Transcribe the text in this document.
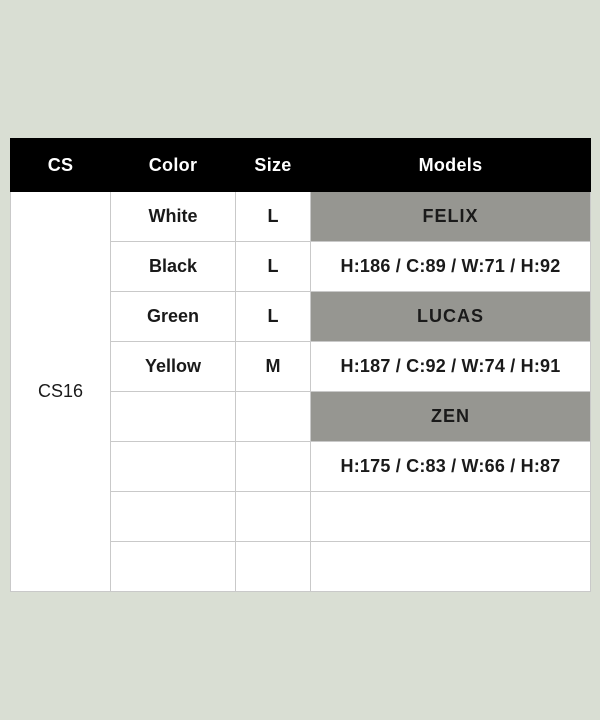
CS	Color	Size	Models
CS16	White	L	FELIX
	Black	L	H:186 / C:89 / W:71 / H:92
	Green	L	LUCAS
	Yellow	M	H:187 / C:92 / W:74 / H:91
			ZEN
			H:175 / C:83 / W:66 / H:87
